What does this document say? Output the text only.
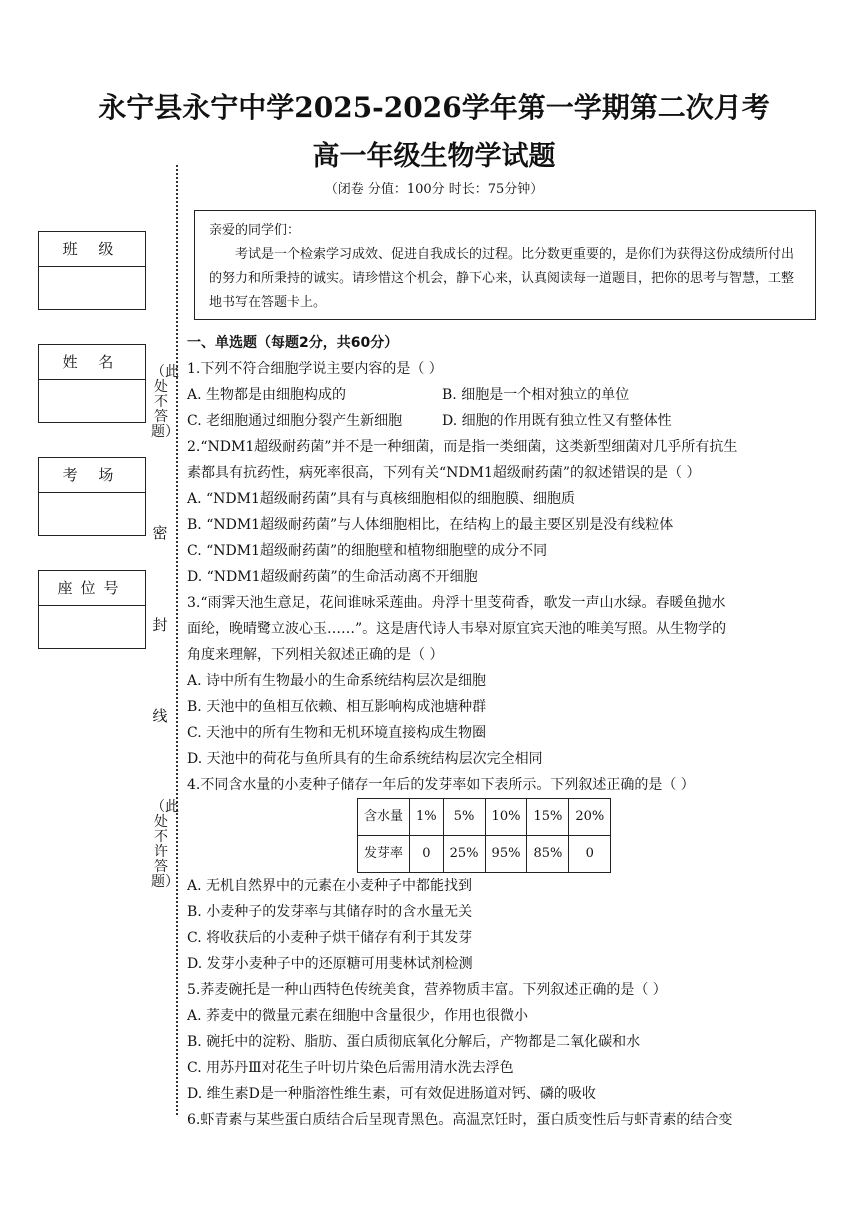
永宁县永宁中学2025-2026学年第一学期第二次月考
高一年级生物学试题
（闭卷 分值：100分 时长：75分钟）
亲爱的同学们：
考试是一个检索学习成效、促进自我成长的过程。比分数更重要的，是你们为获得这份成绩所付出的努力和所秉持的诚实。请珍惜这个机会，静下心来，认真阅读每一道题目，把你的思考与智慧，工整地书写在答题卡上。
班 级
姓 名
考 场
座位号
（此处不答题）
密
封
线
（此处不许答题）
一、单选题（每题2分，共60分）
1.下列不符合细胞学说主要内容的是（ ）
A. 生物都是由细胞构成的	B. 细胞是一个相对独立的单位
C. 老细胞通过细胞分裂产生新细胞	D. 细胞的作用既有独立性又有整体性
2.“NDM1超级耐药菌”并不是一种细菌，而是指一类细菌，这类新型细菌对几乎所有抗生
素都具有抗药性，病死率很高，下列有关“NDM1超级耐药菌”的叙述错误的是（ ）
A. “NDM1超级耐药菌”具有与真核细胞相似的细胞膜、细胞质
B. “NDM1超级耐药菌”与人体细胞相比，在结构上的最主要区别是没有线粒体
C. “NDM1超级耐药菌”的细胞壁和植物细胞壁的成分不同
D. “NDM1超级耐药菌”的生命活动离不开细胞
3.“雨霁天池生意足，花间谁咏采莲曲。舟浮十里芰荷香，歌发一声山水绿。春暖鱼抛水
面纶，晚晴鹭立波心玉……”。这是唐代诗人韦皋对原宜宾天池的唯美写照。从生物学的
角度来理解，下列相关叙述正确的是（ ）
A. 诗中所有生物最小的生命系统结构层次是细胞
B. 天池中的鱼相互依赖、相互影响构成池塘种群
C. 天池中的所有生物和无机环境直接构成生物圈
D. 天池中的荷花与鱼所具有的生命系统结构层次完全相同
4.不同含水量的小麦种子储存一年后的发芽率如下表所示。下列叙述正确的是（ ）
含水量	1%	5%	10%	15%	20%
发芽率	0	25%	95%	85%	0
A. 无机自然界中的元素在小麦种子中都能找到
B. 小麦种子的发芽率与其储存时的含水量无关
C. 将收获后的小麦种子烘干储存有利于其发芽
D. 发芽小麦种子中的还原糖可用斐林试剂检测
5.荞麦碗托是一种山西特色传统美食，营养物质丰富。下列叙述正确的是（ ）
A. 荞麦中的微量元素在细胞中含量很少，作用也很微小
B. 碗托中的淀粉、脂肪、蛋白质彻底氧化分解后，产物都是二氧化碳和水
C. 用苏丹Ⅲ对花生子叶切片染色后需用清水洗去浮色
D. 维生素D是一种脂溶性维生素，可有效促进肠道对钙、磷的吸收
6.虾青素与某些蛋白质结合后呈现青黑色。高温烹饪时，蛋白质变性后与虾青素的结合变
